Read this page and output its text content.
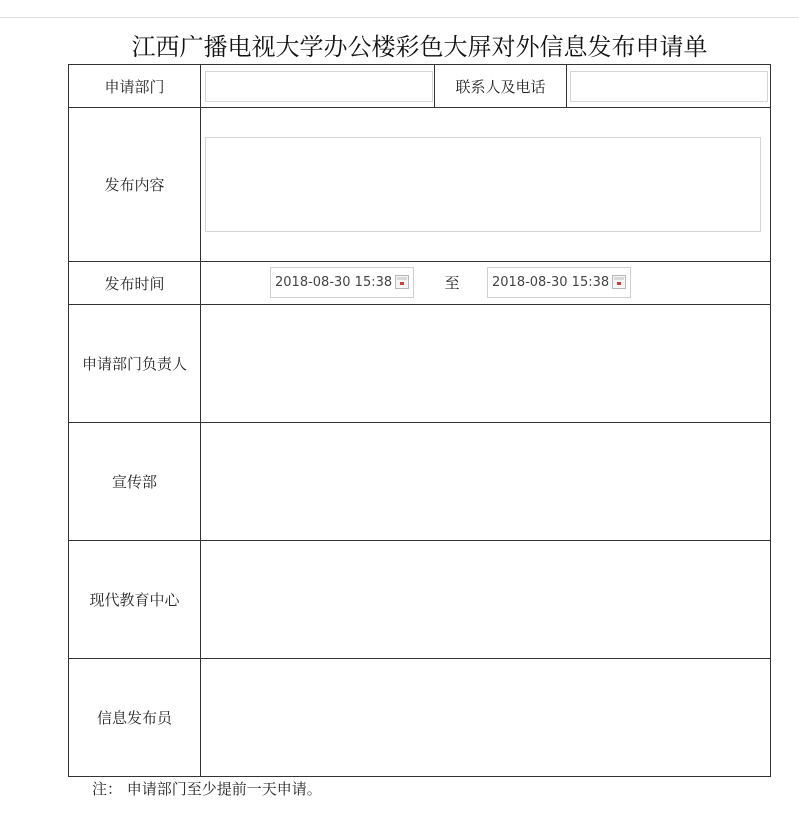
江西广播电视大学办公楼彩色大屏对外信息发布申请单
申请部门		联系人及电话	

发布内容			

发布时间	2018-08-30 15:38 至 2018-08-30 15:38		

申请部门负责人			
宣传部			
现代教育中心			
信息发布员			
注： 申请部门至少提前一天申请。
